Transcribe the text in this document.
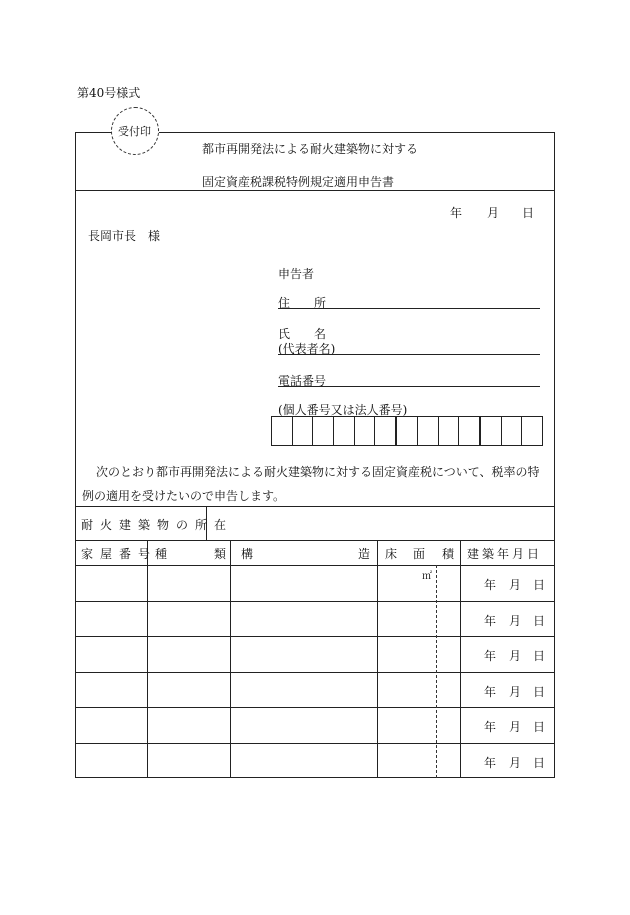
第40号様式
受付印
都市再開発法による耐火建築物に対する
固定資産税課税特例規定適用申告書
年 月 日
長岡市長　様
申告者
住　　所
氏　　名
(代表者名)
電話番号
(個人番号又は法人番号)
次のとおり都市再開発法による耐火建築物に対する固定資産税について、税率の特
例の適用を受けたいので申告します。
耐火建築物の所在
家屋番号
種	類 構	造 床 面 積 建築年月日
㎡
年 月 日
年 月 日
年 月 日
年 月 日
年 月 日
年 月 日
